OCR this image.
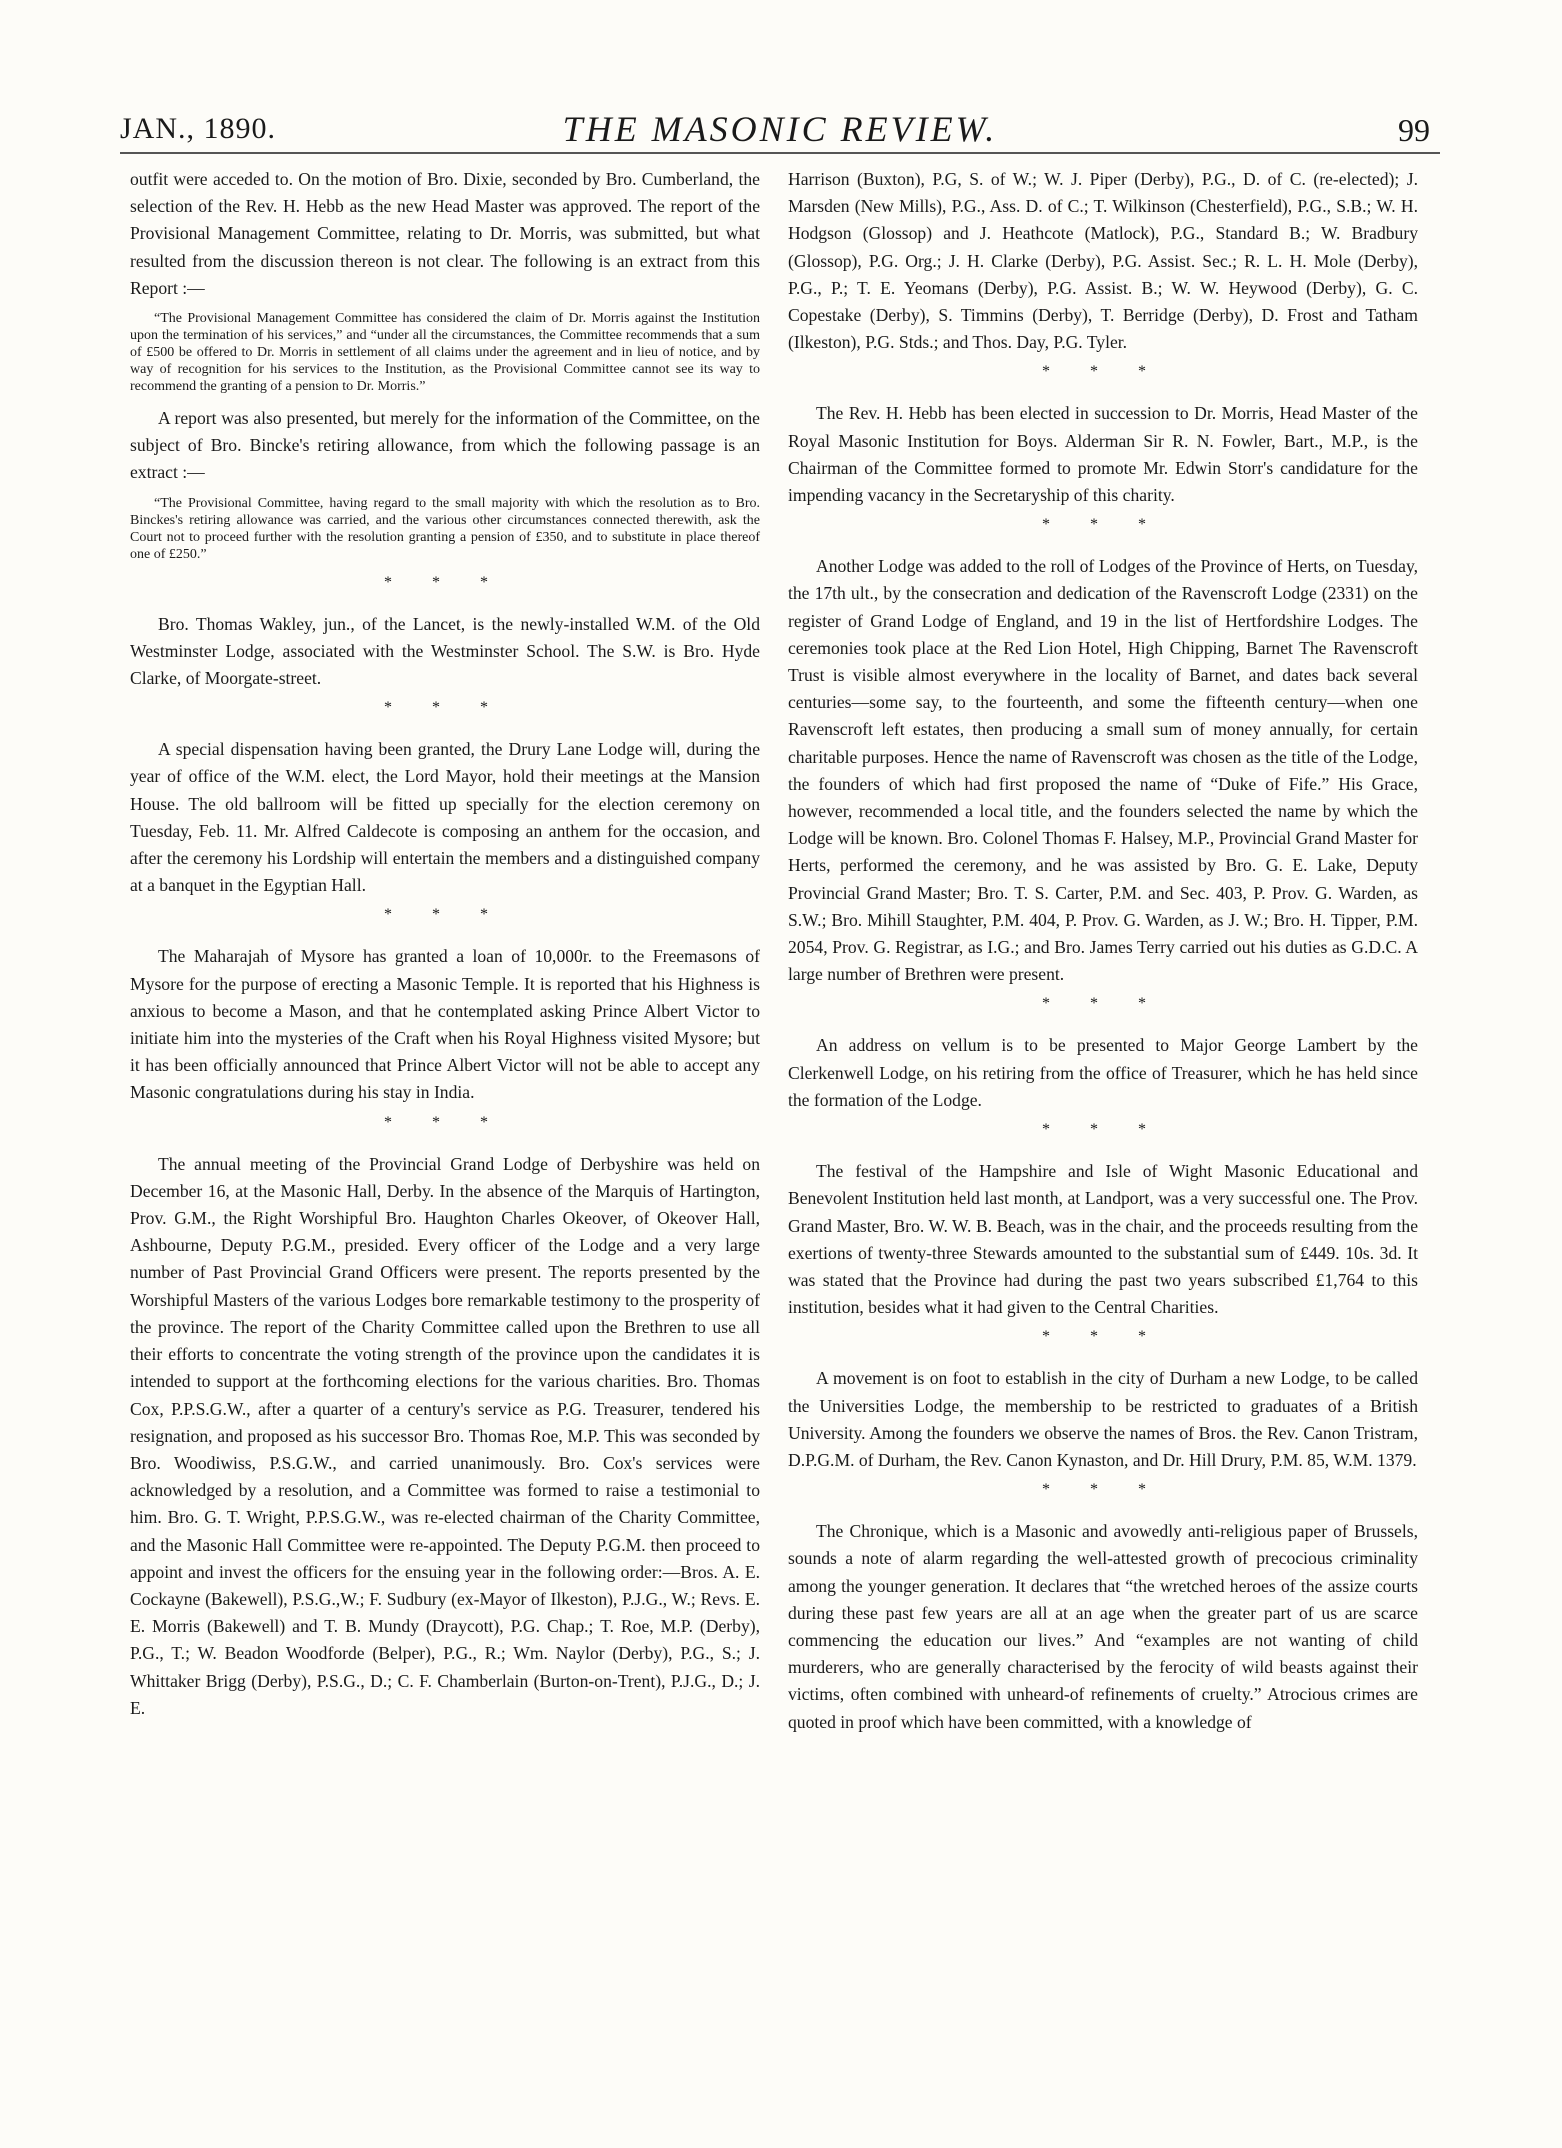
JAN., 1890.	THE MASONIC REVIEW.	99

outfit were acceded to. On the motion of Bro. Dixie, seconded by Bro. Cumberland, the selection of the Rev. H. Hebb as the new Head Master was approved. The report of the Provisional Management Committee, relating to Dr. Morris, was submitted, but what resulted from the discussion thereon is not clear. The following is an extract from this Report :—

“The Provisional Management Committee has considered the claim of Dr. Morris against the Institution upon the termination of his services,” and “under all the circumstances, the Committee recommends that a sum of £500 be offered to Dr. Morris in settlement of all claims under the agreement and in lieu of notice, and by way of recognition for his services to the Institution, as the Provisional Committee cannot see its way to recommend the granting of a pension to Dr. Morris.”

A report was also presented, but merely for the information of the Committee, on the subject of Bro. Bincke's retiring allowance, from which the following passage is an extract :—

“The Provisional Committee, having regard to the small majority with which the resolution as to Bro. Binckes's retiring allowance was carried, and the various other circumstances connected therewith, ask the Court not to proceed further with the resolution granting a pension of £350, and to substitute in place thereof one of £250.”

* * *

Bro. Thomas Wakley, jun., of the Lancet, is the newly-installed W.M. of the Old Westminster Lodge, associated with the Westminster School. The S.W. is Bro. Hyde Clarke, of Moorgate-street.

* * *

A special dispensation having been granted, the Drury Lane Lodge will, during the year of office of the W.M. elect, the Lord Mayor, hold their meetings at the Mansion House. The old ballroom will be fitted up specially for the election ceremony on Tuesday, Feb. 11. Mr. Alfred Caldecote is composing an anthem for the occasion, and after the ceremony his Lordship will entertain the members and a distinguished company at a banquet in the Egyptian Hall.

* * *

The Maharajah of Mysore has granted a loan of 10,000r. to the Freemasons of Mysore for the purpose of erecting a Masonic Temple. It is reported that his Highness is anxious to become a Mason, and that he contemplated asking Prince Albert Victor to initiate him into the mysteries of the Craft when his Royal Highness visited Mysore; but it has been officially announced that Prince Albert Victor will not be able to accept any Masonic congratulations during his stay in India.

* * *

The annual meeting of the Provincial Grand Lodge of Derbyshire was held on December 16, at the Masonic Hall, Derby. In the absence of the Marquis of Hartington, Prov. G.M., the Right Worshipful Bro. Haughton Charles Okeover, of Okeover Hall, Ashbourne, Deputy P.G.M., presided. Every officer of the Lodge and a very large number of Past Provincial Grand Officers were present. The reports presented by the Worshipful Masters of the various Lodges bore remarkable testimony to the prosperity of the province. The report of the Charity Committee called upon the Brethren to use all their efforts to concentrate the voting strength of the province upon the candidates it is intended to support at the forthcoming elections for the various charities. Bro. Thomas Cox, P.P.S.G.W., after a quarter of a century's service as P.G. Treasurer, tendered his resignation, and proposed as his successor Bro. Thomas Roe, M.P. This was seconded by Bro. Woodiwiss, P.S.G.W., and carried unanimously. Bro. Cox's services were acknowledged by a resolution, and a Committee was formed to raise a testimonial to him. Bro. G. T. Wright, P.P.S.G.W., was re-elected chairman of the Charity Committee, and the Masonic Hall Committee were re-appointed. The Deputy P.G.M. then proceed to appoint and invest the officers for the ensuing year in the following order:—Bros. A. E. Cockayne (Bakewell), P.S.G.,W.; F. Sudbury (ex-Mayor of Ilkeston), P.J.G., W.; Revs. E. E. Morris (Bakewell) and T. B. Mundy (Draycott), P.G. Chap.; T. Roe, M.P. (Derby), P.G., T.; W. Beadon Woodforde (Belper), P.G., R.; Wm. Naylor (Derby), P.G., S.; J. Whittaker Brigg (Derby), P.S.G., D.; C. F. Chamberlain (Burton-on-Trent), P.J.G., D.; J. E.

Harrison (Buxton), P.G, S. of W.; W. J. Piper (Derby), P.G., D. of C. (re-elected); J. Marsden (New Mills), P.G., Ass. D. of C.; T. Wilkinson (Chesterfield), P.G., S.B.; W. H. Hodgson (Glossop) and J. Heathcote (Matlock), P.G., Standard B.; W. Bradbury (Glossop), P.G. Org.; J. H. Clarke (Derby), P.G. Assist. Sec.; R. L. H. Mole (Derby), P.G., P.; T. E. Yeomans (Derby), P.G. Assist. B.; W. W. Heywood (Derby), G. C. Copestake (Derby), S. Timmins (Derby), T. Berridge (Derby), D. Frost and Tatham (Ilkeston), P.G. Stds.; and Thos. Day, P.G. Tyler.

* * *

The Rev. H. Hebb has been elected in succession to Dr. Morris, Head Master of the Royal Masonic Institution for Boys. Alderman Sir R. N. Fowler, Bart., M.P., is the Chairman of the Committee formed to promote Mr. Edwin Storr's candidature for the impending vacancy in the Secretaryship of this charity.

* * *

Another Lodge was added to the roll of Lodges of the Province of Herts, on Tuesday, the 17th ult., by the consecration and dedication of the Ravenscroft Lodge (2331) on the register of Grand Lodge of England, and 19 in the list of Hertfordshire Lodges. The ceremonies took place at the Red Lion Hotel, High Chipping, Barnet The Ravenscroft Trust is visible almost everywhere in the locality of Barnet, and dates back several centuries—some say, to the fourteenth, and some the fifteenth century—when one Ravenscroft left estates, then producing a small sum of money annually, for certain charitable purposes. Hence the name of Ravenscroft was chosen as the title of the Lodge, the founders of which had first proposed the name of “Duke of Fife.” His Grace, however, recommended a local title, and the founders selected the name by which the Lodge will be known. Bro. Colonel Thomas F. Halsey, M.P., Provincial Grand Master for Herts, performed the ceremony, and he was assisted by Bro. G. E. Lake, Deputy Provincial Grand Master; Bro. T. S. Carter, P.M. and Sec. 403, P. Prov. G. Warden, as S.W.; Bro. Mihill Staughter, P.M. 404, P. Prov. G. Warden, as J. W.; Bro. H. Tipper, P.M. 2054, Prov. G. Registrar, as I.G.; and Bro. James Terry carried out his duties as G.D.C. A large number of Brethren were present.

* * *

An address on vellum is to be presented to Major George Lambert by the Clerkenwell Lodge, on his retiring from the office of Treasurer, which he has held since the formation of the Lodge.

* * *

The festival of the Hampshire and Isle of Wight Masonic Educational and Benevolent Institution held last month, at Landport, was a very successful one. The Prov. Grand Master, Bro. W. W. B. Beach, was in the chair, and the proceeds resulting from the exertions of twenty-three Stewards amounted to the substantial sum of £449. 10s. 3d. It was stated that the Province had during the past two years subscribed £1,764 to this institution, besides what it had given to the Central Charities.

* * *

A movement is on foot to establish in the city of Durham a new Lodge, to be called the Universities Lodge, the membership to be restricted to graduates of a British University. Among the founders we observe the names of Bros. the Rev. Canon Tristram, D.P.G.M. of Durham, the Rev. Canon Kynaston, and Dr. Hill Drury, P.M. 85, W.M. 1379.

* * *

The Chronique, which is a Masonic and avowedly anti-religious paper of Brussels, sounds a note of alarm regarding the well-attested growth of precocious criminality among the younger generation. It declares that “the wretched heroes of the assize courts during these past few years are all at an age when the greater part of us are scarce commencing the education our lives.” And “examples are not wanting of child murderers, who are generally characterised by the ferocity of wild beasts against their victims, often combined with unheard-of refinements of cruelty.” Atrocious crimes are quoted in proof which have been committed, with a knowledge of
